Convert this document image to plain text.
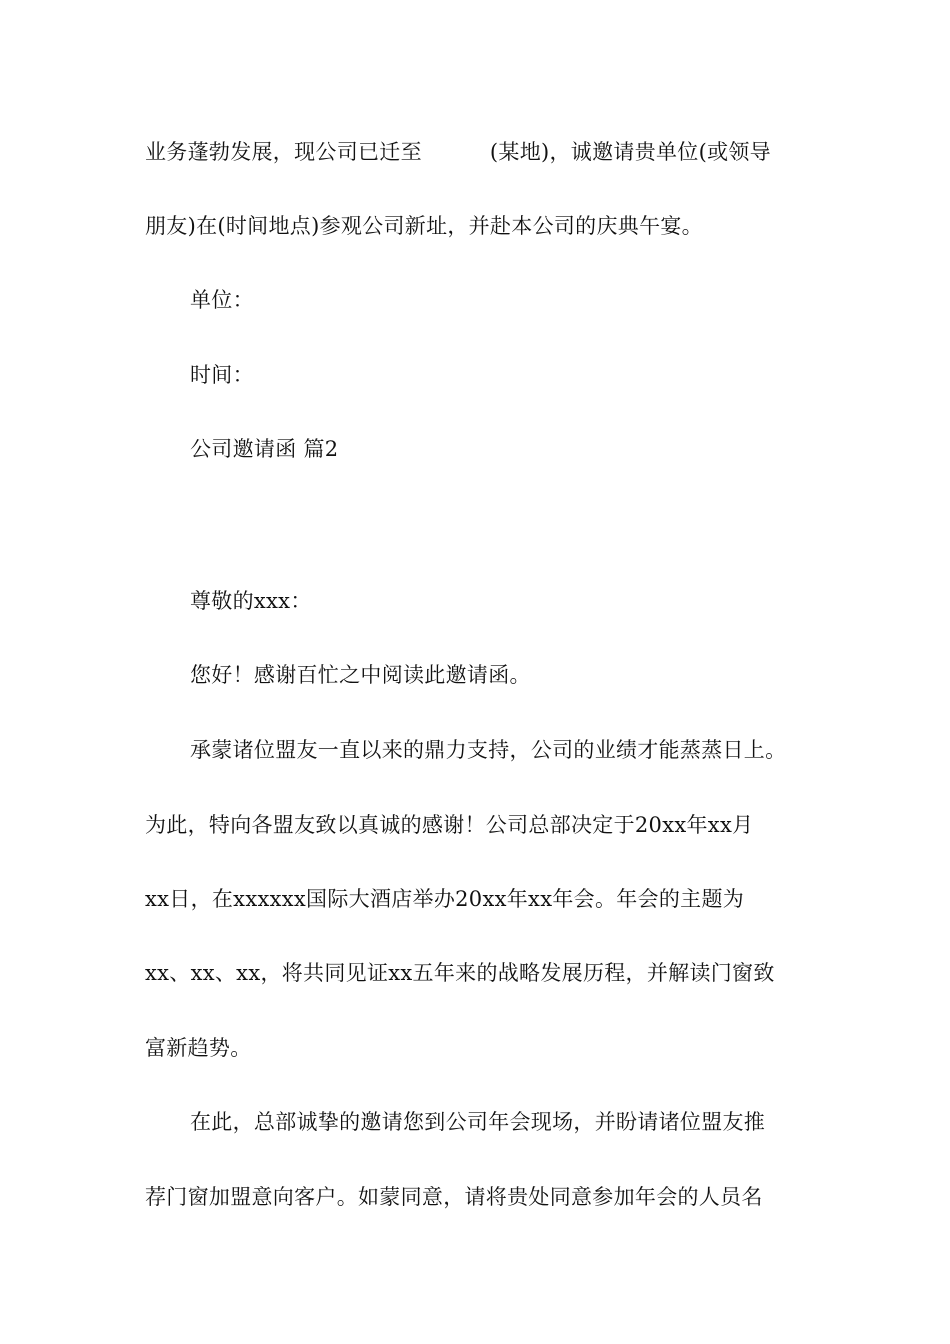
业务蓬勃发展，现公司已迁至	(某地)，诚邀请贵单位(或领导
朋友)在(时间地点)参观公司新址，并赴本公司的庆典午宴。
单位：
时间：
公司邀请函 篇2
尊敬的xxx：
您好！感谢百忙之中阅读此邀请函。
承蒙诸位盟友一直以来的鼎力支持，公司的业绩才能蒸蒸日上。
为此，特向各盟友致以真诚的感谢！公司总部决定于20xx年xx月
xx日，在xxxxxx国际大酒店举办20xx年xx年会。年会的主题为
xx、xx、xx，将共同见证xx五年来的战略发展历程，并解读门窗致
富新趋势。
在此，总部诚挚的邀请您到公司年会现场，并盼请诸位盟友推
荐门窗加盟意向客户。如蒙同意，请将贵处同意参加年会的人员名
